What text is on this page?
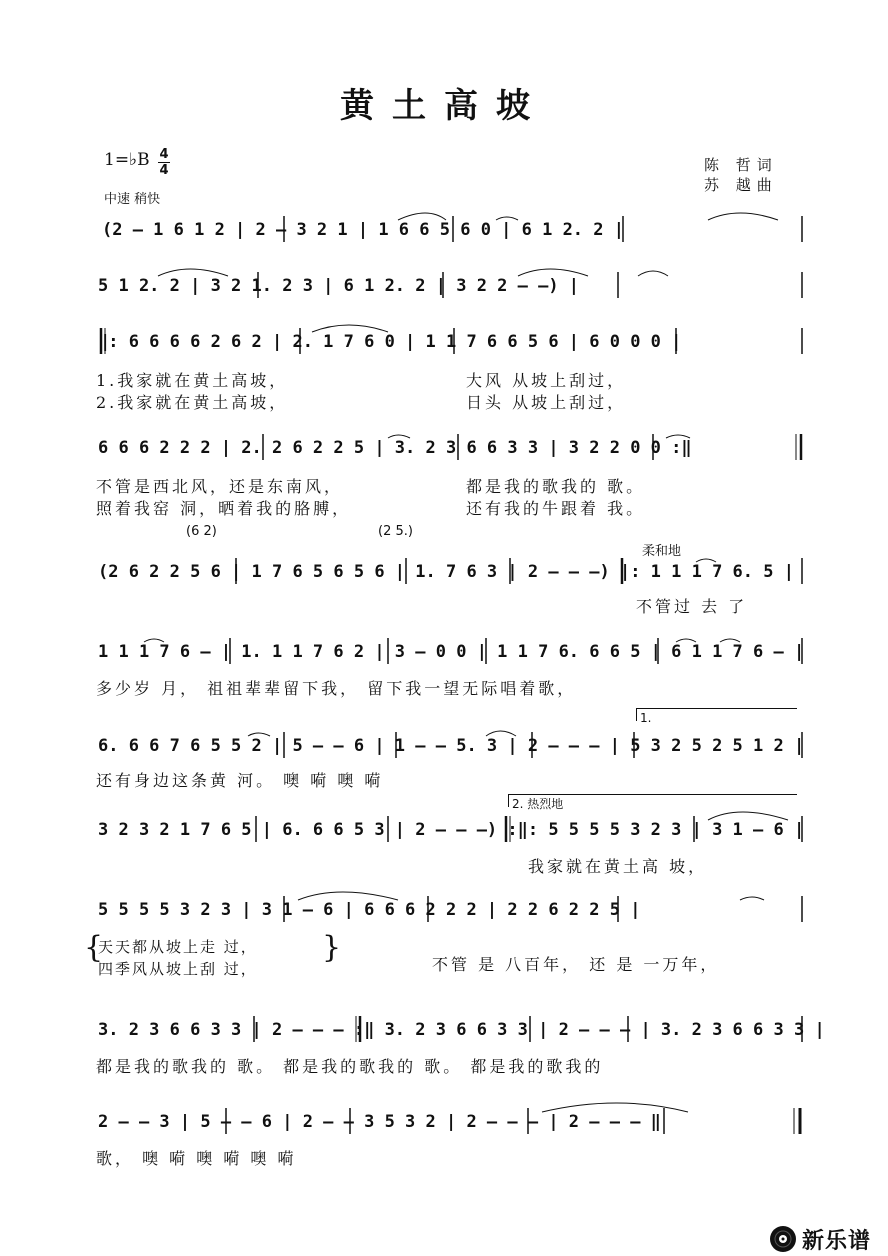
黄土高坡
1=♭B 4
4
中速 稍快
陈 哲词
苏 越曲
(2 – 1 6 1 2 | 2 – 3 2 1 | 1 6 6 5 6 0 | 6 1 2. 2 |
5 1 2. 2 | 3 2 1. 2 3 | 6 1 2. 2 | 3 2 2 – –) |
‖: 6 6 6 6 2 6 2 | 2. 1 7 6 0 | 1 1 7 6 6 5 6 | 6 0 0 0 |
1.我家就在黄土高坡，	大风 从坡上刮过，
2.我家就在黄土高坡，	日头 从坡上刮过，
6 6 6 2 2 2 | 2. 2 6 2 2 5 | 3. 2 3 6 6 3 3 | 3 2 2 0 0 :‖
不管是西北风，还是东南风，	都是我的歌我的 歌。
照着我窑 洞，晒着我的胳膊，	还有我的牛跟着 我。
(6 2)	(2 5.)
柔和地
(2 6 2 2 5 6 | 1 7 6 5 6 5 6 | 1. 7 6 3 | 2 – – –) |: 1 1 1 7 6. 5 |
不管过 去 了
1 1 1 7 6 – | 1. 1 1 7 6 2 | 3 – 0 0 | 1 1 7 6. 6 6 5 | 6 1 1 7 6 – |
多少岁 月， 祖祖辈辈留下我， 留下我一望无际唱着歌，
1.
6. 6 6 7 6 5 5 2 | 5 – – 6 | 1 – – 5. 3 | 2 – – – | 5 3 2 5 2 5 1 2 |
还有身边这条黄 河。 噢 嗬 噢 嗬
2. 热烈地
3 2 3 2 1 7 6 5 | 6. 6 6 5 3 | 2 – – –) :‖: 5 5 5 5 3 2 3 | 3 1 – 6 |
我家就在黄土高 坡，
5 5 5 5 3 2 3 | 3 1 – 6 | 6 6 6 2 2 2 | 2 2 6 2 2 5 |
{
天天都从坡上走 过，
四季风从坡上刮 过，
}	不管 是 八百年， 还 是 一万年，
3. 2 3 6 6 3 3 | 2 – – – :‖ 3. 2 3 6 6 3 3 | 2 – – – | 3. 2 3 6 6 3 3 |
都是我的歌我的 歌。 都是我的歌我的 歌。 都是我的歌我的
2 – – 3 | 5 – – 6 | 2 – – 3 5 3 2 | 2 – – – | 2 – – – ‖
歌， 噢 嗬 噢 嗬 噢 嗬
新乐谱
